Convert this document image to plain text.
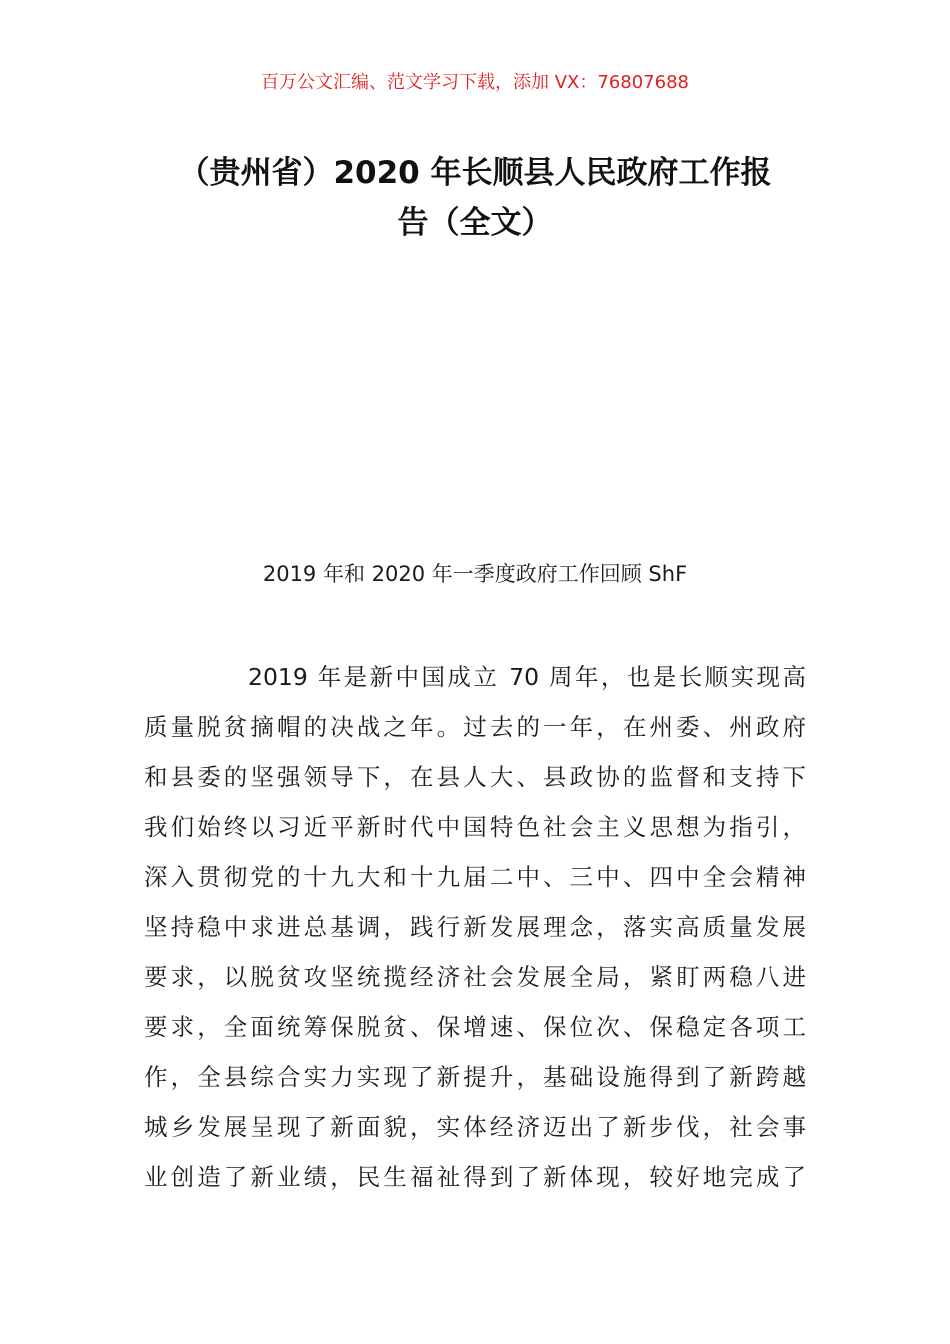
百万公文汇编、范文学习下载，添加 VX：76807688
（贵州省）2020 年长顺县人民政府工作报
告（全文）
2019 年和 2020 年一季度政府工作回顾 ShF
2019 年是新中国成立 70 周年，也是长顺实现高
质量脱贫摘帽的决战之年。过去的一年，在州委、州政府
和县委的坚强领导下，在县人大、县政协的监督和支持下
我们始终以习近平新时代中国特色社会主义思想为指引，
深入贯彻党的十九大和十九届二中、三中、四中全会精神
坚持稳中求进总基调，践行新发展理念，落实高质量发展
要求，以脱贫攻坚统揽经济社会发展全局，紧盯两稳八进
要求，全面统筹保脱贫、保增速、保位次、保稳定各项工
作，全县综合实力实现了新提升，基础设施得到了新跨越
城乡发展呈现了新面貌，实体经济迈出了新步伐，社会事
业创造了新业绩，民生福祉得到了新体现，较好地完成了
